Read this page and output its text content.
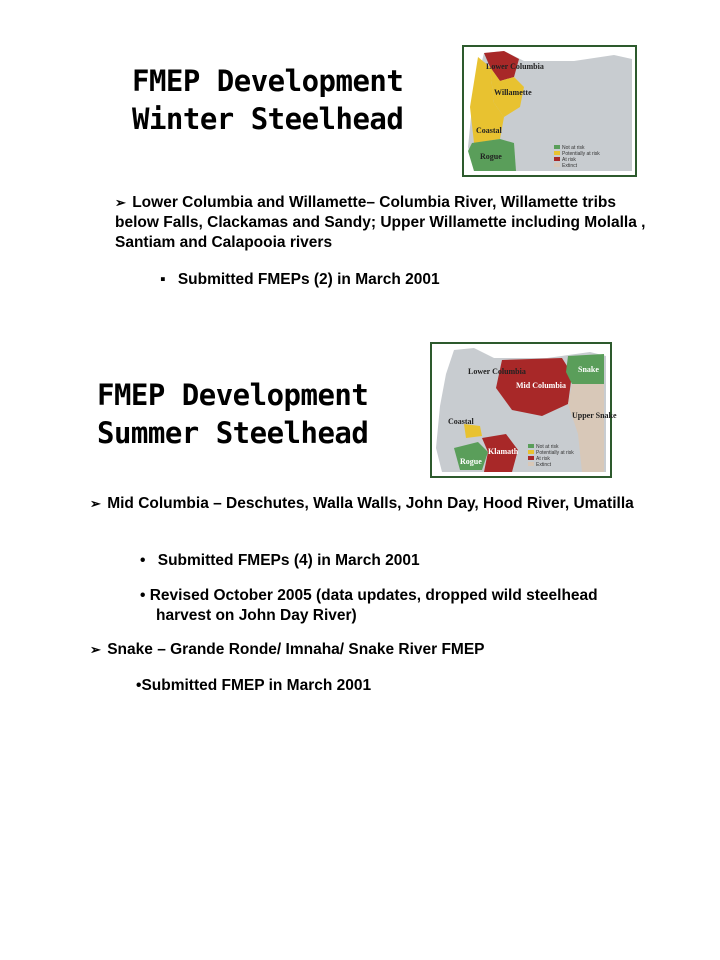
FMEP Development
Winter Steelhead
Lower Columbia
Willamette
Coastal
Rogue
Not at risk
Potentially at risk
At risk
Extinct
➢ Lower Columbia and Willamette– Columbia River, Willamette tribs below Falls, Clackamas and Sandy; Upper Willamette including Molalla , Santiam and Calapooia rivers
▪ Submitted FMEPs (2) in March 2001
FMEP Development
Summer Steelhead
Lower Columbia
Mid Columbia
Snake
Upper Snake
Coastal
Rogue
Klamath	Not at risk
Potentially at risk
At risk
Extinct
➢ Mid Columbia – Deschutes, Walla Walls, John Day, Hood River, Umatilla
• Submitted FMEPs (4) in March 2001
• Revised October 2005 (data updates, dropped wild steelhead harvest on John Day River)
➢ Snake – Grande Ronde/ Imnaha/ Snake River FMEP
•Submitted FMEP in March 2001
